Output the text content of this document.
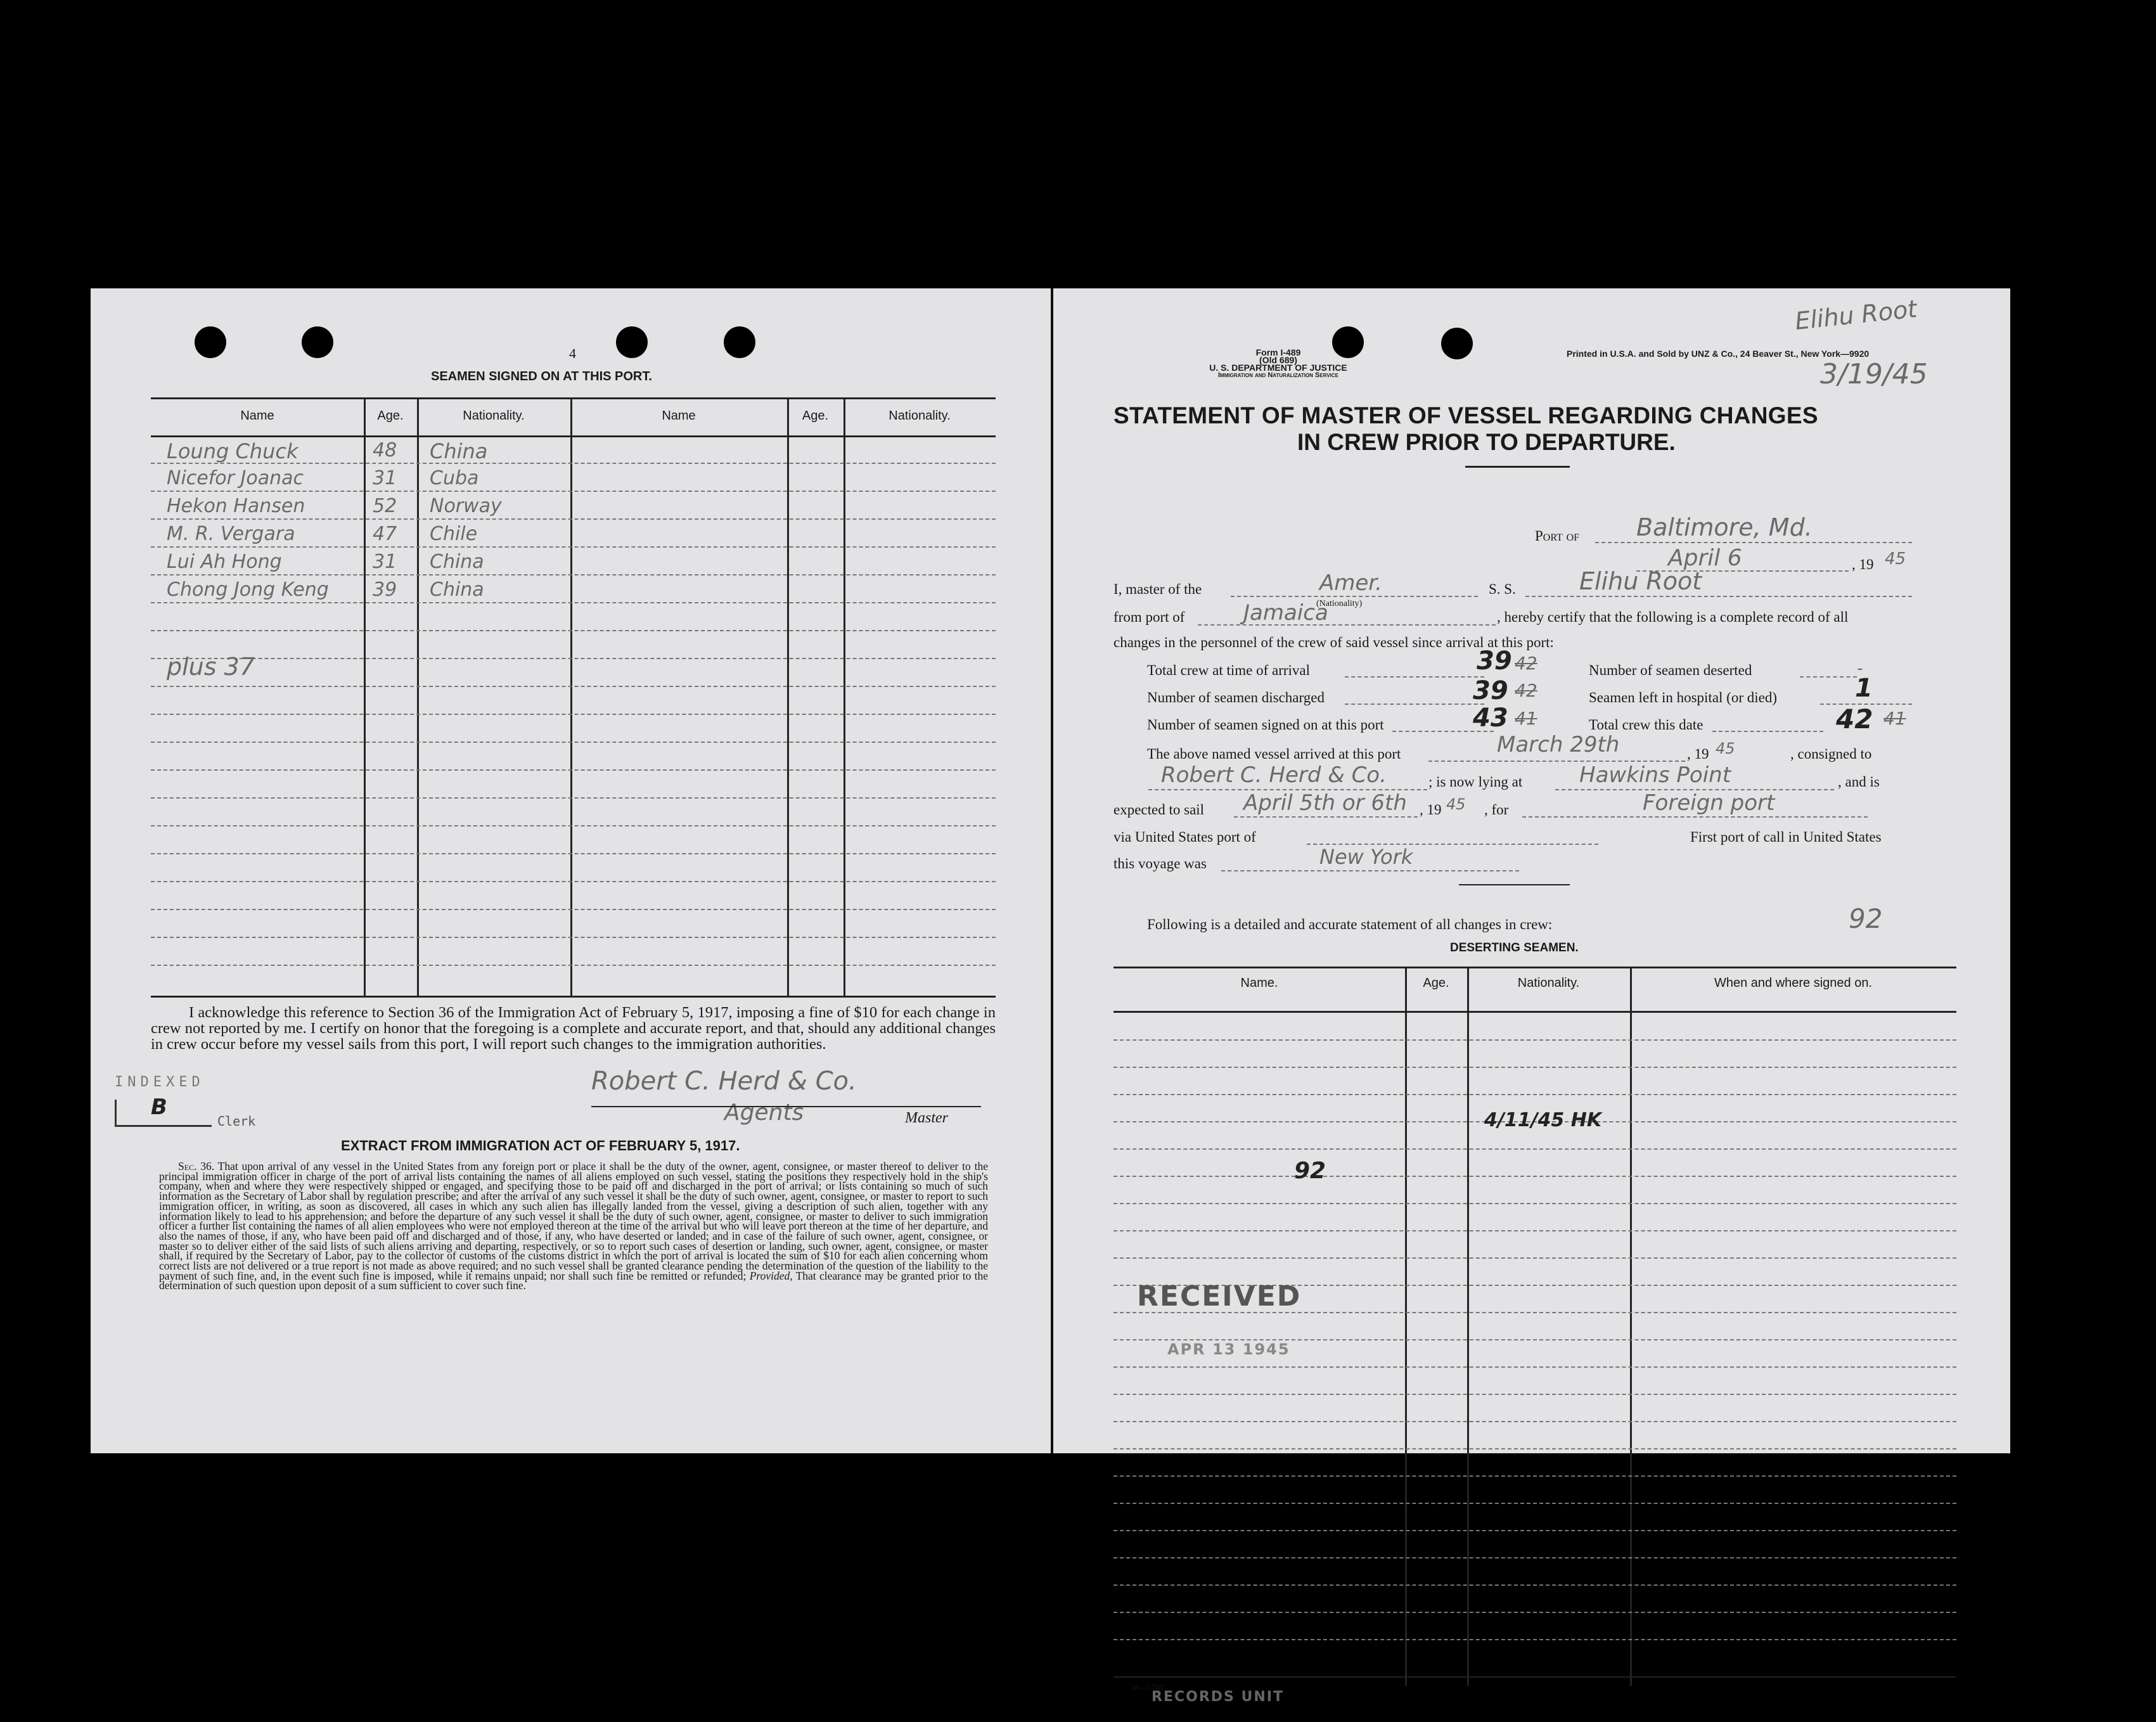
4
SEAMEN SIGNED ON AT THIS PORT.
Name	Age.	Nationality.	Name	Age.	Nationality.
Loung Chuck	48 China
Nicefor Joanac	31 Cuba
Hekon Hansen	52 Norway
M. R. Vergara	47 Chile
Lui Ah Hong	31 China
Chong Jong Keng 39 China
plus 37
I acknowledge this reference to Section 36 of the Immigration Act of February 5, 1917, imposing a fine of $10 for each change in crew not reported by me. I certify on honor that the foregoing is a complete and accurate report, and that, should any additional changes in crew occur before my vessel sails from this port, I will report such changes to the immigration authorities.
INDEXED
B
Clerk
Robert C. Herd & Co.
Agents	Master
EXTRACT FROM IMMIGRATION ACT OF FEBRUARY 5, 1917.
Sec. 36. That upon arrival of any vessel in the United States from any foreign port or place it shall be the duty of the owner, agent, consignee, or master thereof to deliver to the principal immigration officer in charge of the port of arrival lists containing the names of all aliens employed on such vessel, stating the positions they respectively hold in the ship's company, when and where they were respectively shipped or engaged, and specifying those to be paid off and discharged in the port of arrival; or lists containing so much of such information as the Secretary of Labor shall by regulation prescribe; and after the arrival of any such vessel it shall be the duty of such owner, agent, consignee, or master to report to such immigration officer, in writing, as soon as discovered, all cases in which any such alien has illegally landed from the vessel, giving a description of such alien, together with any information likely to lead to his apprehension; and before the departure of any such vessel it shall be the duty of such owner, agent, consignee, or master to deliver to such immigration officer a further list containing the names of all alien employees who were not employed thereon at the time of the arrival but who will leave port thereon at the time of her departure, and also the names of those, if any, who have been paid off and discharged and of those, if any, who have deserted or landed; and in case of the failure of such owner, agent, consignee, or master so to deliver either of the said lists of such aliens arriving and departing, respectively, or so to report such cases of desertion or landing, such owner, agent, consignee, or master shall, if required by the Secretary of Labor, pay to the collector of customs of the customs district in which the port of arrival is located the sum of $10 for each alien concerning whom correct lists are not delivered or a true report is not made as above required; and no such vessel shall be granted clearance pending the determination of the question of the liability to the payment of such fine, and, in the event such fine is imposed, while it remains unpaid; nor shall such fine be remitted or refunded; Provided, That clearance may be granted prior to the determination of such question upon deposit of a sum sufficient to cover such fine.
Form I-489
(Old 689)
U. S. DEPARTMENT OF JUSTICE
Immigration and Naturalization Service
Printed in U.S.A. and Sold by UNZ & Co., 24 Beaver St., New York—9920
Elihu Root
3/19/45
STATEMENT OF MASTER OF VESSEL REGARDING CHANGES
IN CREW PRIOR TO DEPARTURE.
Port of Baltimore, Md.
April 6	, 19 45
I, master of the	Amer.
(Nationality)
S. S.	Elihu Root
from port of	Jamaica	, hereby certify that the following is a complete record of all
changes in the personnel of the crew of said vessel since arrival at this port:
Total crew at time of arrival	39 42
Number of seamen discharged	39 42
Number of seamen signed on at this port	43 41
Number of seamen deserted	-
Seamen left in hospital (or died)	1
Total crew this date	42 41
The above named vessel arrived at this port	March 29th	, 19 45	, consigned to
Robert C. Herd & Co.	; is now lying at	Hawkins Point	, and is
expected to sail April 5th or 6th , 19 45 , for	Foreign port
via United States port of	First port of call in United States
this voyage was	New York
Following is a detailed and accurate statement of all changes in crew:	92
DESERTING SEAMEN.
Name.	Age.	Nationality.	When and where signed on.
4/11/45 HK
92
RECEIVED
APR 13 1945
16—17387
RECORDS UNIT
